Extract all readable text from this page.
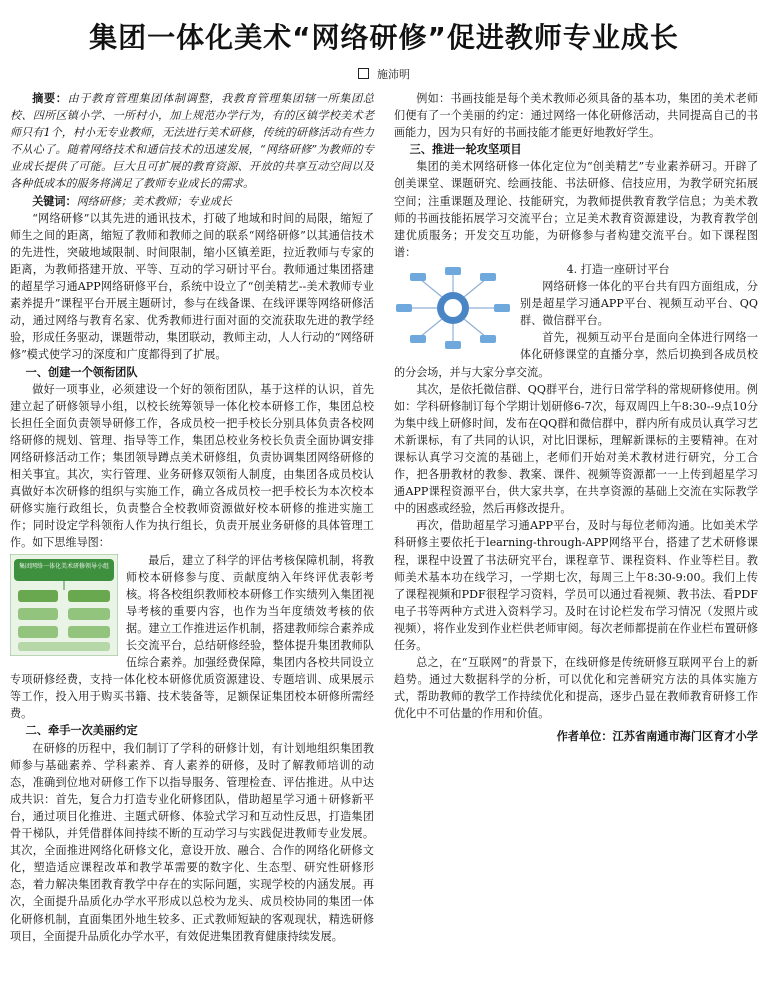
集团一体化美术“网络研修”促进教师专业成长
施沛明

摘要：由于教育管理集团体制调整，我教育管理集团辖一所集团总校、四所区镇小学、一所村小，加上规范办学行为，有的区镇学校美术老师只有1个，村小无专业教师，无法进行美术研修，传统的研修活动有些力不从心了。随着网络技术和通信技术的迅速发展，“网络研修”为教师的专业成长提供了可能。巨大且可扩展的教育资源、开放的共享互动空间以及各种低成本的服务将满足了教师专业成长的需求。

关键词：网络研修；美术教师；专业成长

“网络研修”以其先进的通讯技术，打破了地域和时间的局限，缩短了师生之间的距离，缩短了教师和教师之间的联系“网络研修”以其通信技术的先进性，突破地域限制、时间限制，缩小区镇差距，拉近教师与专家的距离，为教师搭建开放、平等、互动的学习研讨平台。教师通过集团搭建的超星学习通APP网络研修平台，系统中设立了“创美精艺--美术教师专业素养提升”课程平台开展主题研讨，参与在线备课、在线评课等网络研修活动，通过网络与教育名家、优秀教师进行面对面的交流获取先进的教学经验，形成任务驱动，课题带动，集团联动，教师主动，人人行动的“网络研修”模式使学习的深度和广度都得到了扩展。

一、创建一个领衔团队

做好一项事业，必须建设一个好的领衔团队，基于这样的认识，首先建立起了研修领导小组，以校长统筹领导一体化校本研修工作，集团总校长担任全面负责领导研修工作，各成员校一把手校长分别具体负责各校网络研修的规划、管理、指导等工作，集团总校业务校长负责全面协调安排网络研修活动工作；集团领导蹲点美术研修组，负责协调集团网络研修的相关事宜。其次，实行管理、业务研修双领衔人制度，由集团各成员校认真做好本次研修的组织与实施工作，确立各成员校一把手校长为本次校本研修实施行政组长，负责整合全校教师资源做好校本研修的推进实施工作；同时设定学科领衔人作为执行组长，负责开展业务研修的具体管理工作。如下思维导图：

集团网络一体化美术研修领导小组	最后，建立了科学的评估考核保障机制，将教师校本研修参与度、贡献度纳入年终评优表彰考核。将各校组织教师校本研修工作实绩列入集团视导考核的重要内容，也作为当年度绩效考核的依据。建立工作推进运作机制，搭建教师综合素养成长交流平台，总结研修经验，整体提升集团教师队伍综合素养。加强经费保障，集团内各校共同设立专项研修经费，支持一体化校本研修优质资源建设、专题培训、成果展示等工作，投入用于购买书籍、技术装备等，足额保证集团校本研修所需经费。

二、牵手一次美丽约定

在研修的历程中，我们制订了学科的研修计划，有计划地组织集团教师参与基础素养、学科素养、育人素养的研修，及时了解教师培训的动态，准确到位地对研修工作下以指导服务、管理检查、评估推进。从中达成共识：首先，复合力打造专业化研修团队，借助超星学习通＋研修新平台，通过项目化推进、主题式研修、体验式学习和互动性反思，打造集团骨干梯队，并凭借群体间持续不断的互动学习与实践促进教师专业发展。其次，全面推进网络化研修文化，意设开放、融合、合作的网络化研修文化，塑造适应课程改革和教学革需要的数字化、生态型、研究性研修形态，着力解决集团教育教学中存在的实际问题，实现学校的内涵发展。再次，全面提升品质化办学水平形成以总校为龙头、成员校协同的集团一体化研修机制，直面集团外地生较多、正式教师短缺的客观现状，精选研修项目，全面提升品质化办学水平，有效促进集团教育健康持续发展。

例如：书画技能是每个美术教师必须具备的基本功，集团的美术老师们便有了一个美丽的约定：通过网络一体化研修活动，共同提高自己的书画能力，因为只有好的书画技能才能更好地教好学生。

三、推进一轮攻坚项目

集团的美术网络研修一体化定位为“创美精艺”专业素养研习。开辟了创美课堂、课题研究、绘画技能、书法研修、信技应用，为教学研究拓展空间；注重课题及理论、技能研究，为教师提供教育教学信息；为美术教师的书画技能拓展学习交流平台；立足美术教育资源建设，为教育教学创建优质服务；开发交互功能，为研修参与者构建交流平台。如下课程图谱：

4. 打造一座研讨平台

网络研修一体化的平台共有四方面组成，分别是超星学习通APP平台、视频互动平台、QQ群、微信群平台。

首先，视频互动平台是面向全体进行网络一体化研修课堂的直播分享，然后切换到各成员校的分会场，并与大家分享交流。

其次，是依托微信群、QQ群平台，进行日常学科的常规研修使用。例如：学科研修制订每个学期计划研修6-7次，每双周四上午8:30--9点10分为集中线上研修时间，发布在QQ群和微信群中，群内所有成员认真学习艺术新课标，有了共同的认识，对比旧课标，理解新课标的主要精神。在对课标认真学习交流的基础上，老师们开始对美术教材进行研究，分工合作，把各册教材的教参、教案、课件、视频等资源都一一上传到超星学习通APP课程资源平台，供大家共享，在共享资源的基础上交流在实际教学中的困惑或经验，然后再修改提升。

再次，借助超星学习通APP平台，及时与每位老师沟通。比如美术学科研修主要依托于learning-through-APP网络平台，搭建了艺术研修课程，课程中设置了书法研究平台，课程章节、课程资料、作业等栏目。教师美术基本功在线学习，一学期七次，每周三上午8:30-9:00。我们上传了课程视频和PDF很程学习资料，学员可以通过看视频、教书法、看PDF电子书等两种方式进入资料学习。及时在讨论栏发布学习情况（发照片或视频），将作业发到作业栏供老师审阅。每次老师都提前在作业栏布置研修任务。

总之，在“互联网”的背景下，在线研修是传统研修互联网平台上的新趋势。通过大数据科学的分析，可以优化和完善研究方法的具体实施方式，帮助教师的教学工作持续优化和提高，逐步凸显在教师教育研修工作优化中不可估量的作用和价值。

作者单位：江苏省南通市海门区育才小学
